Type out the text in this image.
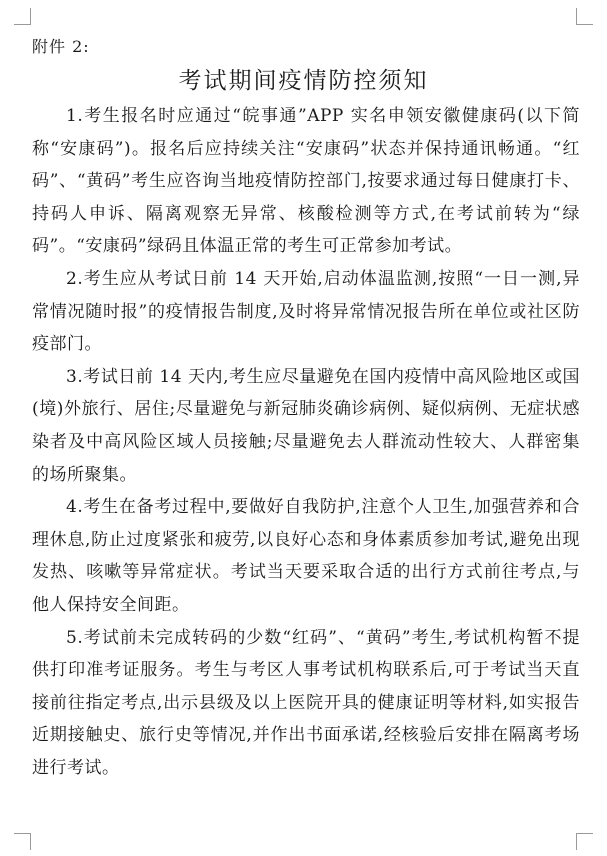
附件 2:
考试期间疫情防控须知

1.考生报名时应通过“皖事通”APP 实名申领安徽健康码(以下简称“安康码”)。报名后应持续关注“安康码”状态并保持通讯畅通。“红码”、“黄码”考生应咨询当地疫情防控部门,按要求通过每日健康打卡、持码人申诉、隔离观察无异常、核酸检测等方式,在考试前转为“绿码”。“安康码”绿码且体温正常的考生可正常参加考试。

2.考生应从考试日前 14 天开始,启动体温监测,按照“一日一测,异常情况随时报”的疫情报告制度,及时将异常情况报告所在单位或社区防疫部门。

3.考试日前 14 天内,考生应尽量避免在国内疫情中高风险地区或国(境)外旅行、居住;尽量避免与新冠肺炎确诊病例、疑似病例、无症状感染者及中高风险区域人员接触;尽量避免去人群流动性较大、人群密集的场所聚集。

4.考生在备考过程中,要做好自我防护,注意个人卫生,加强营养和合理休息,防止过度紧张和疲劳,以良好心态和身体素质参加考试,避免出现发热、咳嗽等异常症状。考试当天要采取合适的出行方式前往考点,与他人保持安全间距。

5.考试前未完成转码的少数“红码”、“黄码”考生,考试机构暂不提供打印准考证服务。考生与考区人事考试机构联系后,可于考试当天直接前往指定考点,出示县级及以上医院开具的健康证明等材料,如实报告近期接触史、旅行史等情况,并作出书面承诺,经核验后安排在隔离考场进行考试。
